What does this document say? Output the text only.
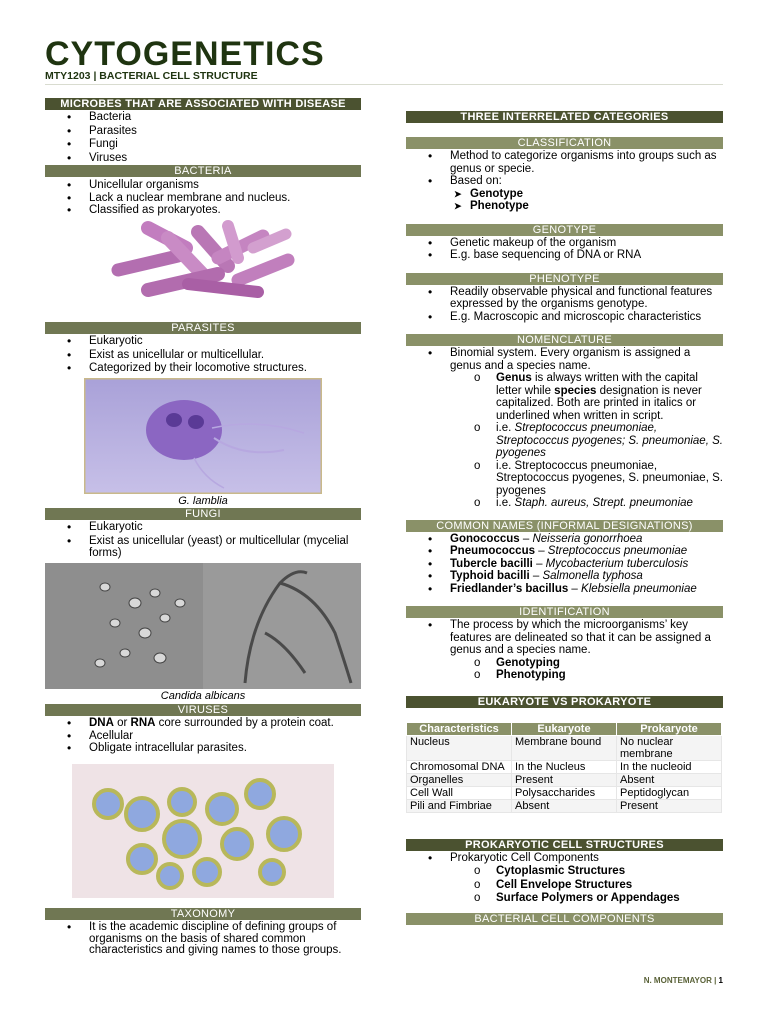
CYTOGENETICS
MTY1203 | BACTERIAL CELL STRUCTURE
MICROBES THAT ARE ASSOCIATED WITH DISEASE
• Bacteria
• Parasites
• Fungi
• Viruses
BACTERIA
• Unicellular organisms
• Lack a nuclear membrane and nucleus.
• Classified as prokaryotes.
PARASITES
• Eukaryotic
• Exist as unicellular or multicellular.
• Categorized by their locomotive structures.
G. lamblia
FUNGI
• Eukaryotic
• Exist as unicellular (yeast) or multicellular (mycelial forms)
Candida albicans
VIRUSES
• DNA or RNA core surrounded by a protein coat.
• Acellular
• Obligate intracellular parasites.
TAXONOMY
• It is the academic discipline of defining groups of organisms on the basis of shared common characteristics and giving names to those groups.
THREE INTERRELATED CATEGORIES
CLASSIFICATION
• Method to categorize organisms into groups such as genus or specie.
• Based on:
➤ Genotype
➤ Phenotype
GENOTYPE
• Genetic makeup of the organism
• E.g. base sequencing of DNA or RNA
PHENOTYPE
• Readily observable physical and functional features expressed by the organisms genotype.
• E.g. Macroscopic and microscopic characteristics
NOMENCLATURE
• Binomial system. Every organism is assigned a genus and a species name.
o Genus is always written with the capital letter while species designation is never capitalized. Both are printed in italics or underlined when written in script.
o i.e. Streptococcus pneumoniae, Streptococcus pyogenes; S. pneumoniae, S. pyogenes
o i.e. Streptococcus pneumoniae, Streptococcus pyogenes, S. pneumoniae, S. pyogenes
o i.e. Staph. aureus, Strept. pneumoniae
COMMON NAMES (INFORMAL DESIGNATIONS)
• Gonococcus – Neisseria gonorrhoea
• Pneumococcus – Streptococcus pneumoniae
• Tubercle bacilli – Mycobacterium tuberculosis
• Typhoid bacilli – Salmonella typhosa
• Friedlander’s bacillus – Klebsiella pneumoniae
IDENTIFICATION
• The process by which the microorganisms’ key features are delineated so that it can be assigned a genus and a species name.
o Genotyping
o Phenotyping
EUKARYOTE VS PROKARYOTE
Characteristics	Eukaryote	Prokaryote
Nucleus	Membrane bound	No nuclear membrane
Chromosomal DNA	In the Nucleus	In the nucleoid
Organelles	Present	Absent
Cell Wall	Polysaccharides	Peptidoglycan
Pili and Fimbriae	Absent	Present
PROKARYOTIC CELL STRUCTURES
• Prokaryotic Cell Components
o Cytoplasmic Structures
o Cell Envelope Structures
o Surface Polymers or Appendages
BACTERIAL CELL COMPONENTS
N. MONTEMAYOR | 1
